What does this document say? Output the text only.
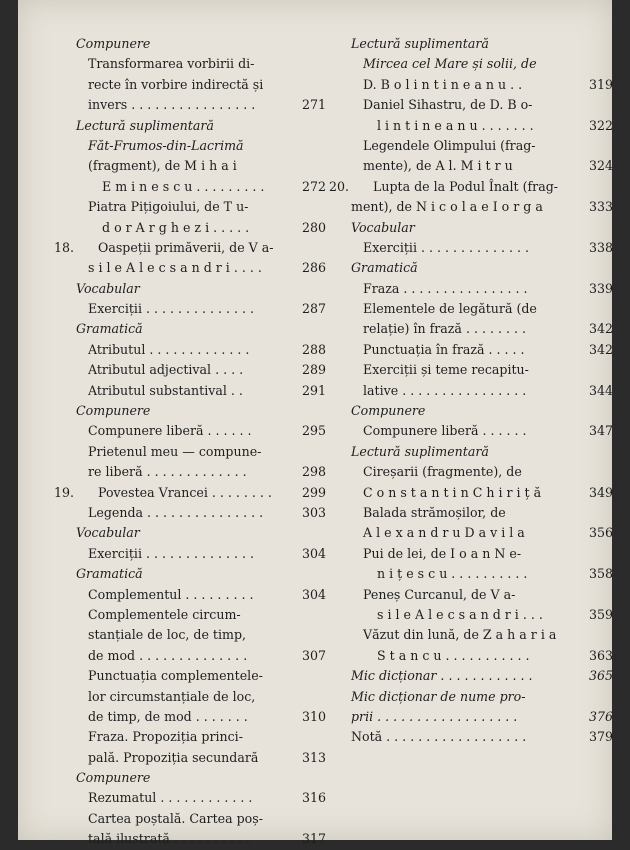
Compunere
Transformarea vorbirii di-
recte în vorbire indirectă și
invers . . . . . . . . . . . . . . . .	271
Lectură suplimentară
Făt-Frumos-din-Lacrimă
(fragment), de M i h a i
E m i n e s c u . . . . . . . . .	272
Piatra Pițigoiului, de T u-
d o r A r g h e z i . . . . .	280
18. Oaspeții primăverii, de V a-
s i l e A l e c s a n d r i . . . .	286
Vocabular
Exerciții . . . . . . . . . . . . . .	287
Gramatică
Atributul . . . . . . . . . . . . .	288
Atributul adjectival . . . .	289
Atributul substantival . .	291
Compunere
Compunere liberă . . . . . .	295
Prietenul meu — compune-
re liberă . . . . . . . . . . . . .	298
19. Povestea Vrancei . . . . . . . . 299
Legenda . . . . . . . . . . . . . . .	303
Vocabular
Exerciții . . . . . . . . . . . . . .	304
Gramatică
Complementul . . . . . . . . .	304
Complementele circum-
stanțiale de loc, de timp,
de mod . . . . . . . . . . . . . .	307
Punctuația complementele-
lor circumstanțiale de loc,
de timp, de mod . . . . . . .	310
Fraza. Propoziția princi-
pală. Propoziția secundară	313
Compunere
Rezumatul . . . . . . . . . . . .	316
Cartea poștală. Cartea poș-
tală ilustrată . . . . . . . . . .	317
Lectură suplimentară
Mircea cel Mare și solii, de
D. B o l i n t i n e a n u . .	319
Daniel Sihastru, de D. B o-
l i n t i n e a n u . . . . . . .	322
Legendele Olimpului (frag-
mente), de A l. M i t r u	324
20. Lupta de la Podul Înalt (frag-
ment), de N i c o l a e I o r g a	333
Vocabular
Exerciții . . . . . . . . . . . . . .	338
Gramatică
Fraza . . . . . . . . . . . . . . . .	339
Elementele de legătură (de
relație) în frază . . . . . . . .	342
Punctuația în frază . . . . .	342
Exerciții și teme recapitu-
lative . . . . . . . . . . . . . . . .	344
Compunere
Compunere liberă . . . . . .	347
Lectură suplimentară
Cireșarii (fragmente), de
C o n s t a n t i n C h i r i ț ă	349
Balada strămoșilor, de
A l e x a n d r u D a v i l a	356
Pui de lei, de I o a n N e-
n i ț e s c u . . . . . . . . . .	358
Peneș Curcanul, de V a-
s i l e A l e c s a n d r i . . .	359
Văzut din lună, de Z a h a r i a
S t a n c u . . . . . . . . . . .	363
Mic dicționar . . . . . . . . . . . .	365
Mic dicționar de nume pro-
prii . . . . . . . . . . . . . . . . . .	376
Notă . . . . . . . . . . . . . . . . . .	379
